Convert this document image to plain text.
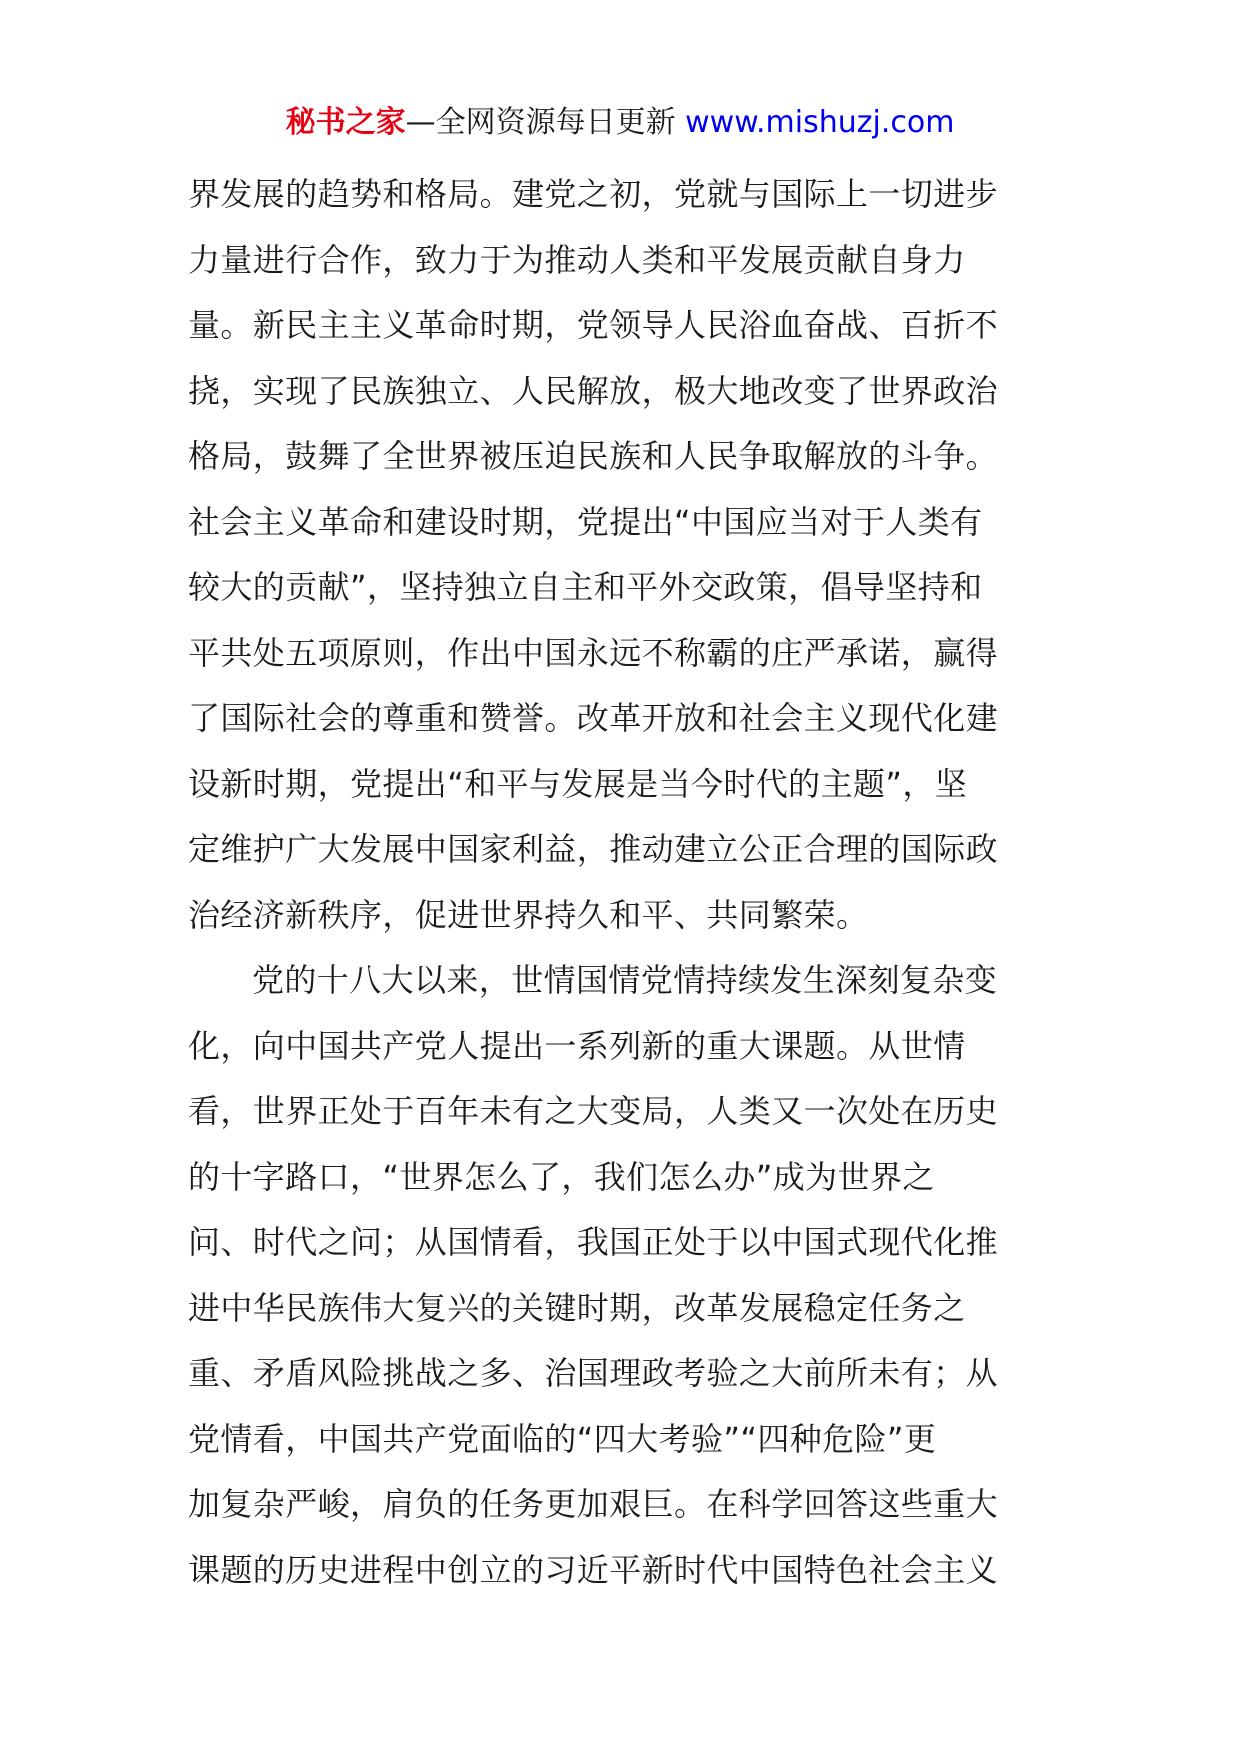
秘书之家—全网资源每日更新 www.mishuzj.com
界发展的趋势和格局。建党之初，党就与国际上一切进步
力量进行合作，致力于为推动人类和平发展贡献自身力
量。新民主主义革命时期，党领导人民浴血奋战、百折不
挠，实现了民族独立、人民解放，极大地改变了世界政治
格局，鼓舞了全世界被压迫民族和人民争取解放的斗争。
社会主义革命和建设时期，党提出“中国应当对于人类有
较大的贡献”，坚持独立自主和平外交政策，倡导坚持和
平共处五项原则，作出中国永远不称霸的庄严承诺，赢得
了国际社会的尊重和赞誉。改革开放和社会主义现代化建
设新时期，党提出“和平与发展是当今时代的主题”，坚
定维护广大发展中国家利益，推动建立公正合理的国际政
治经济新秩序，促进世界持久和平、共同繁荣。
党的十八大以来，世情国情党情持续发生深刻复杂变
化，向中国共产党人提出一系列新的重大课题。从世情
看，世界正处于百年未有之大变局，人类又一次处在历史
的十字路口，“世界怎么了，我们怎么办”成为世界之
问、时代之问；从国情看，我国正处于以中国式现代化推
进中华民族伟大复兴的关键时期，改革发展稳定任务之
重、矛盾风险挑战之多、治国理政考验之大前所未有；从
党情看，中国共产党面临的“四大考验”“四种危险”更
加复杂严峻，肩负的任务更加艰巨。在科学回答这些重大
课题的历史进程中创立的习近平新时代中国特色社会主义
